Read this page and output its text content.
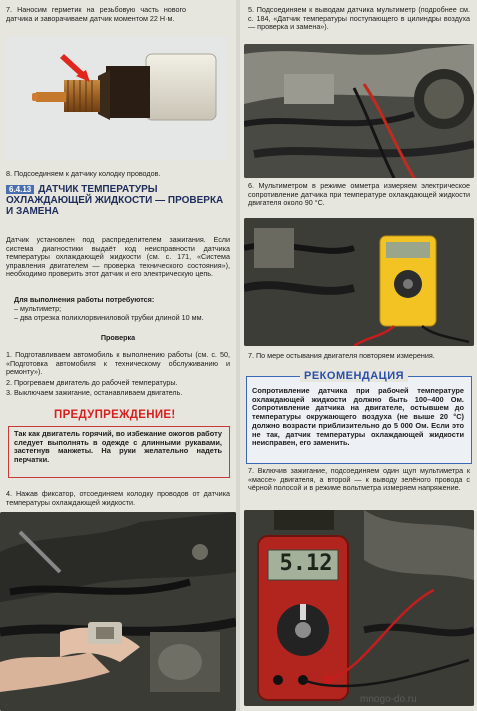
7. Наносим герметик на резьбовую часть нового датчика и заворачиваем датчик моментом 22 Н·м.
8. Подсоединяем к датчику колодку проводов.
6.4.13 ДАТЧИК ТЕМПЕРАТУРЫ ОХЛАЖДАЮЩЕЙ ЖИДКОСТИ — ПРОВЕРКА И ЗАМЕНА
Датчик установлен под распределителем зажигания. Если система диагностики выдаёт код неисправности датчика температуры охлаждающей жидкости (см. с. 171, «Система управления двигателем — проверка технического состояния»), необходимо проверить этот датчик и его электрическую цепь.
Для выполнения работы потребуются:
– мультиметр;
– два отрезка полихлорвиниловой трубки длиной 10 мм.
Проверка
1. Подготавливаем автомобиль к выполнению работы (см. с. 50, «Подготовка автомобиля к техническому обслуживанию и ремонту»).
2. Прогреваем двигатель до рабочей температуры.
3. Выключаем зажигание, останавливаем двигатель.
ПРЕДУПРЕЖДЕНИЕ!
Так как двигатель горячий, во избежание ожогов работу следует выполнять в одежде с длинными рукавами, застегнув манжеты. На руки желательно надеть перчатки.
4. Нажав фиксатор, отсоединяем колодку проводов от датчика температуры охлаждающей жидкости.
5. Подсоединяем к выводам датчика мультиметр (подробнее см. с. 184, «Датчик температуры поступающего в цилиндры воздуха — проверка и замена»).
6. Мультиметром в режиме омметра измеряем электрическое сопротивление датчика при температуре охлаждающей жидкости двигателя около 90 °С.
7. По мере остывания двигателя повторяем измерения.
РЕКОМЕНДАЦИЯ
Сопротивление датчика при рабочей температуре охлаждающей жидкости должно быть 100–400 Ом. Сопротивление датчика на двигателе, остывшем до температуры окружающего воздуха (не выше 20 °С) должно возрасти приблизительно до 5 000 Ом. Если это не так, датчик температуры охлаждающей жидкости неисправен, его заменить.
7. Включив зажигание, подсоединяем один щуп мультиметра к «массе» двигателя, а второй — к выводу зелёного провода с чёрной полосой и в режиме вольтметра измеряем напряжение.
5.12
mnogo-do.ru
